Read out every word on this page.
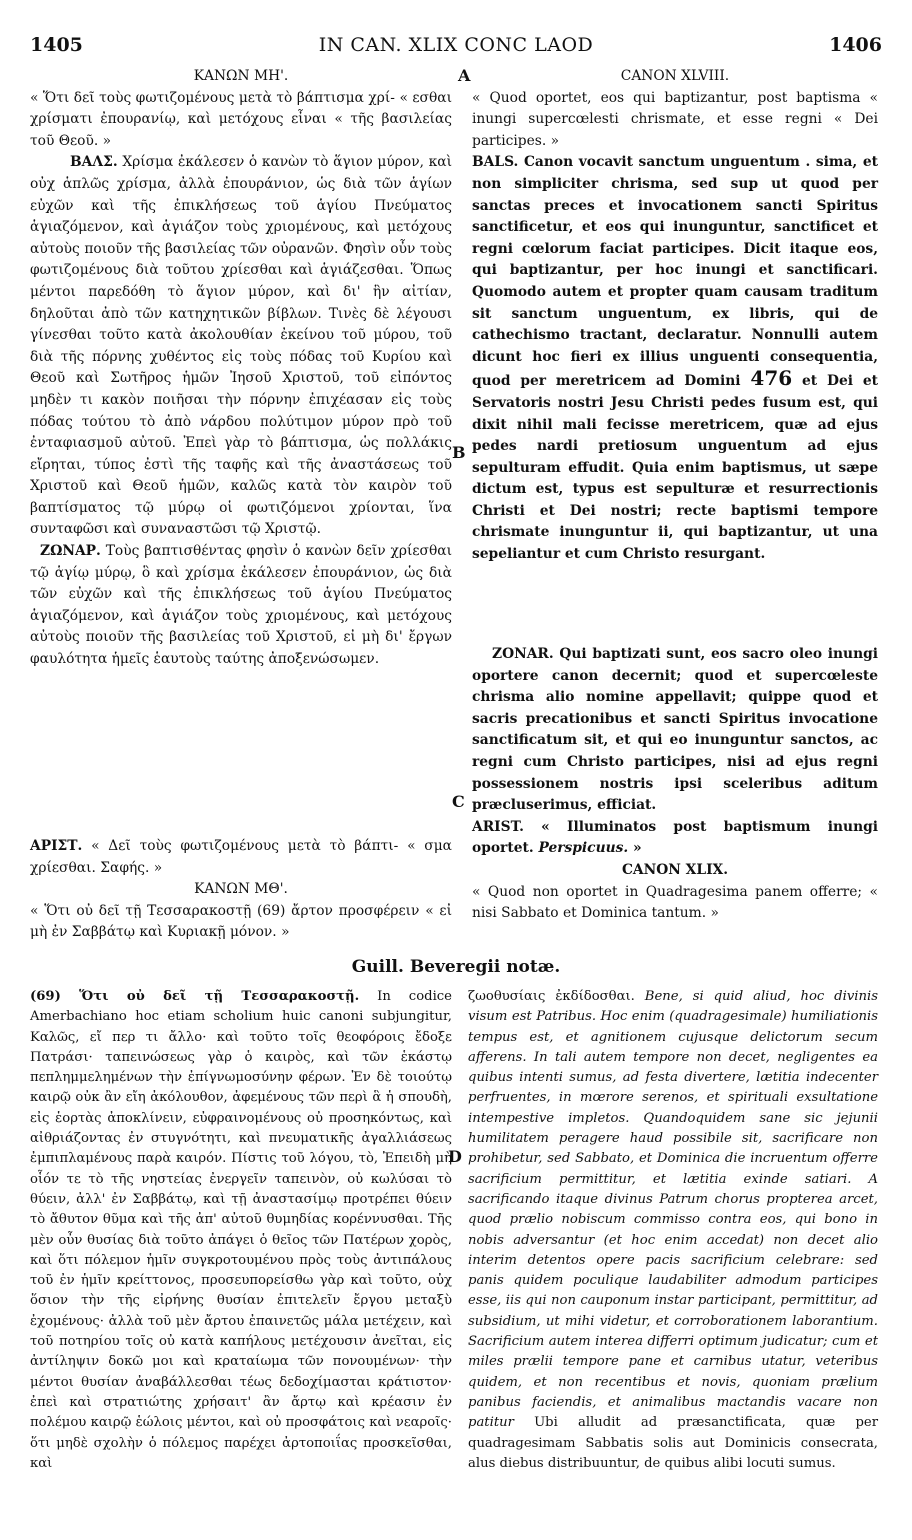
1405	IN CAN. XLIX CONC LAOD	1406
A
B
C
D
ΚΑΝΩΝ ΜΗ'.

« Ὅτι δεῖ τοὺς φωτιζομένους μετὰ τὸ βάπτισμα χρί- « εσθαι χρίσματι ἐπουρανίῳ, καὶ μετόχους εἶναι « τῆς βασιλείας τοῦ Θεοῦ. »

ΒΑΛΣ. Χρίσμα ἐκάλεσεν ὁ κανὼν τὸ ἅγιον μύρον, καὶ οὐχ ἁπλῶς χρίσμα, ἀλλὰ ἐπουράνιον, ὡς διὰ τῶν ἁγίων εὐχῶν καὶ τῆς ἐπικλήσεως τοῦ ἁγίου Πνεύματος ἁγιαζόμενον, καὶ ἁγιάζον τοὺς χριομένους, καὶ μετόχους αὐτοὺς ποιοῦν τῆς βασιλείας τῶν οὐρανῶν. Φησὶν οὖν τοὺς φωτιζομένους διὰ τοῦτου χρίεσθαι καὶ ἁγιάζεσθαι. Ὅπως μέντοι παρεδόθη τὸ ἅγιον μύρον, καὶ δι' ἣν αἰτίαν, δηλοῦται ἀπὸ τῶν κατηχητικῶν βίβλων. Τινὲς δὲ λέγουσι γίνεσθαι τοῦτο κατὰ ἀκολουθίαν ἐκείνου τοῦ μύρου, τοῦ διὰ τῆς πόρνης χυθέντος εἰς τοὺς πόδας τοῦ Κυρίου καὶ Θεοῦ καὶ Σωτῆρος ἡμῶν Ἰησοῦ Χριστοῦ, τοῦ εἰπόντος μηδὲν τι κακὸν ποιῆσαι τὴν πόρνην ἐπιχέασαν εἰς τοὺς πόδας τούτου τὸ ἀπὸ νάρδου πολύτιμον μύρον πρὸ τοῦ ἐνταφιασμοῦ αὐτοῦ. Ἐπεὶ γὰρ τὸ βάπτισμα, ὡς πολλάκις εἴρηται, τύπος ἐστὶ τῆς ταφῆς καὶ τῆς ἀναστάσεως τοῦ Χριστοῦ καὶ Θεοῦ ἡμῶν, καλῶς κατὰ τὸν καιρὸν τοῦ βαπτίσματος τῷ μύρῳ οἱ φωτιζόμενοι χρίονται, ἵνα συνταφῶσι καὶ συναναστῶσι τῷ Χριστῷ.

ΖΩΝΑΡ. Τοὺς βαπτισθέντας φησὶν ὁ κανὼν δεῖν χρίεσθαι τῷ ἁγίῳ μύρῳ, ὃ καὶ χρίσμα ἐκάλεσεν ἐπουράνιον, ὡς διὰ τῶν εὐχῶν καὶ τῆς ἐπικλήσεως τοῦ ἁγίου Πνεύματος ἁγιαζόμενον, καὶ ἁγιάζον τοὺς χριομένους, καὶ μετόχους αὐτοὺς ποιοῦν τῆς βασιλείας τοῦ Χριστοῦ, εἰ μὴ δι' ἔργων φαυλότητα ἡμεῖς ἑαυτοὺς ταύτης ἀποξενώσωμεν.

ΑΡΙΣΤ. « Δεῖ τοὺς φωτιζομένους μετὰ τὸ βάπτι- « σμα χρίεσθαι. Σαφής. »

ΚΑΝΩΝ ΜΘ'.

« Ὅτι οὐ δεῖ τῇ Τεσσαρακοστῇ (69) ἄρτον προσφέρειν « εἰ μὴ ἐν Σαββάτῳ καὶ Κυριακῇ μόνον. »

CANON XLVIII.

« Quod oportet, eos qui baptizantur, post baptisma « inungi supercœlesti chrismate, et esse regni « Dei participes. »

BALS. Canon vocavit sanctum unguentum . sima, et non simpliciter chrisma, sed sup ut quod per sanctas preces et invocationem sancti Spiritus sanctificetur, et eos qui inunguntur, sanctificet et regni cœlorum faciat participes. Dicit itaque eos, qui baptizantur, per hoc inungi et sanctificari. Quomodo autem et propter quam causam traditum sit sanctum unguentum, ex libris, qui de cathechismo tractant, declaratur. Nonnulli autem dicunt hoc fieri ex illius unguenti consequentia, quod per meretricem ad Domini 476 et Dei et Servatoris nostri Jesu Christi pedes fusum est, qui dixit nihil mali fecisse meretricem, quæ ad ejus pedes nardi pretiosum unguentum ad ejus sepulturam effudit. Quia enim baptismus, ut sæpe dictum est, typus est sepulturæ et resurrectionis Christi et Dei nostri; recte baptismi tempore chrismate inunguntur ii, qui baptizantur, ut una sepeliantur et cum Christo resurgant.

ZONAR. Qui baptizati sunt, eos sacro oleo inungi oportere canon decernit; quod et supercœleste chrisma alio nomine appellavit; quippe quod et sacris precationibus et sancti Spiritus invocatione sanctificatum sit, et qui eo inunguntur sanctos, ac regni cum Christo participes, nisi ad ejus regni possessionem nostris ipsi sceleribus aditum præcluserimus, efficiat.

ARIST. « Illuminatos post baptismum inungi oportet. Perspicuus. »

CANON XLIX.

« Quod non oportet in Quadragesima panem offerre; « nisi Sabbato et Dominica tantum. »

Guill. Beveregii notæ.

(69) Ὅτι οὐ δεῖ τῇ Τεσσαρακοστῇ. In codice Amerbachiano hoc etiam scholium huic canoni subjungitur, Καλῶς, εἴ περ τι ἄλλο· καὶ τοῦτο τοῖς θεοφόροις ἔδοξε Πατράσι· ταπεινώσεως γὰρ ὁ καιρὸς, καὶ τῶν ἑκάστῳ πεπλημμελημένων τὴν ἐπίγνωμοσύνην φέρων. Ἐν δὲ τοιούτῳ καιρῷ οὐκ ἂν εἴη ἀκόλουθον, ἀφεμένους τῶν περὶ ἃ ἡ σπουδὴ, εἰς ἑορτὰς ἀποκλίνειν, εὐφραινομένους οὐ προσηκόντως, καὶ αἰθριάζοντας ἐν στυγνότητι, καὶ πνευματικῆς ἀγαλλιάσεως ἐμπιπλαμένους παρὰ καιρόν. Πίστις τοῦ λόγου, τὸ, Ἐπειδὴ μὴ οἷόν τε τὸ τῆς νηστείας ἐνεργεῖν ταπεινὸν, οὐ κωλύσαι τὸ θύειν, ἀλλ' ἐν Σαββάτῳ, καὶ τῇ ἀναστασίμῳ προτρέπει θύειν τὸ ἄθυτον θῦμα καὶ τῆς ἀπ' αὐτοῦ θυμηδίας κορέννυσθαι. Τῆς μὲν οὖν θυσίας διὰ τοῦτο ἀπάγει ὁ θεῖος τῶν Πατέρων χορὸς, καὶ ὅτι πόλεμον ἡμῖν συγκροτουμένου πρὸς τοὺς ἀντιπάλους τοῦ ἐν ἡμῖν κρείττονος, προσευπορείσθω γὰρ καὶ τοῦτο, οὐχ ὅσιον τὴν τῆς εἰρήνης θυσίαν ἐπιτελεῖν ἔργου μεταξὺ ἐχομένους· ἀλλὰ τοῦ μὲν ἄρτου ἐπαινετῶς μάλα μετέχειν, καὶ τοῦ ποτηρίου τοῖς οὐ κατὰ καπήλους μετέχουσιν ἀνεῖται, εἰς ἀντίληψιν δοκῶ μοι καὶ κραταίωμα τῶν πονουμένων· τὴν μέντοι θυσίαν ἀναβάλλεσθαι τέως δεδοχίμασται κράτιστον· ἐπεὶ καὶ στρατιώτης χρήσαιτ' ἂν ἄρτῳ καὶ κρέασιν ἐν πολέμου καιρῷ ἑώλοις μέντοι, καὶ οὐ προσφάτοις καὶ νεαροῖς· ὅτι μηδὲ σχολὴν ὁ πόλεμος παρέχει ἀρτοποιΐας προσκεῖσθαι, καὶ

ζωοθυσίαις ἐκδίδοσθαι. Bene, si quid aliud, hoc divinis visum est Patribus. Hoc enim (quadragesimale) humiliationis tempus est, et agnitionem cujusque delictorum secum afferens. In tali autem tempore non decet, negligentes ea quibus intenti sumus, ad festa divertere, lætitia indecenter perfruentes, in mœrore serenos, et spirituali exsultatione intempestive impletos. Quandoquidem sane sic jejunii humilitatem peragere haud possibile sit, sacrificare non prohibetur, sed Sabbato, et Dominica die incruentum offerre sacrificium permittitur, et lætitia exinde satiari. A sacrificando itaque divinus Patrum chorus propterea arcet, quod prælio nobiscum commisso contra eos, qui bono in nobis adversantur (et hoc enim accedat) non decet alio interim detentos opere pacis sacrificium celebrare: sed panis quidem poculique laudabiliter admodum participes esse, iis qui non cauponum instar participant, permittitur, ad subsidium, ut mihi videtur, et corroborationem laborantium. Sacrificium autem interea differri optimum judicatur; cum et miles prælii tempore pane et carnibus utatur, veteribus quidem, et non recentibus et novis, quoniam prælium panibus faciendis, et animalibus mactandis vacare non patitur Ubi alludit ad præsanctificata, quæ per quadragesimam Sabbatis solis aut Dominicis consecrata, alus diebus distribuuntur, de quibus alibi locuti sumus.
